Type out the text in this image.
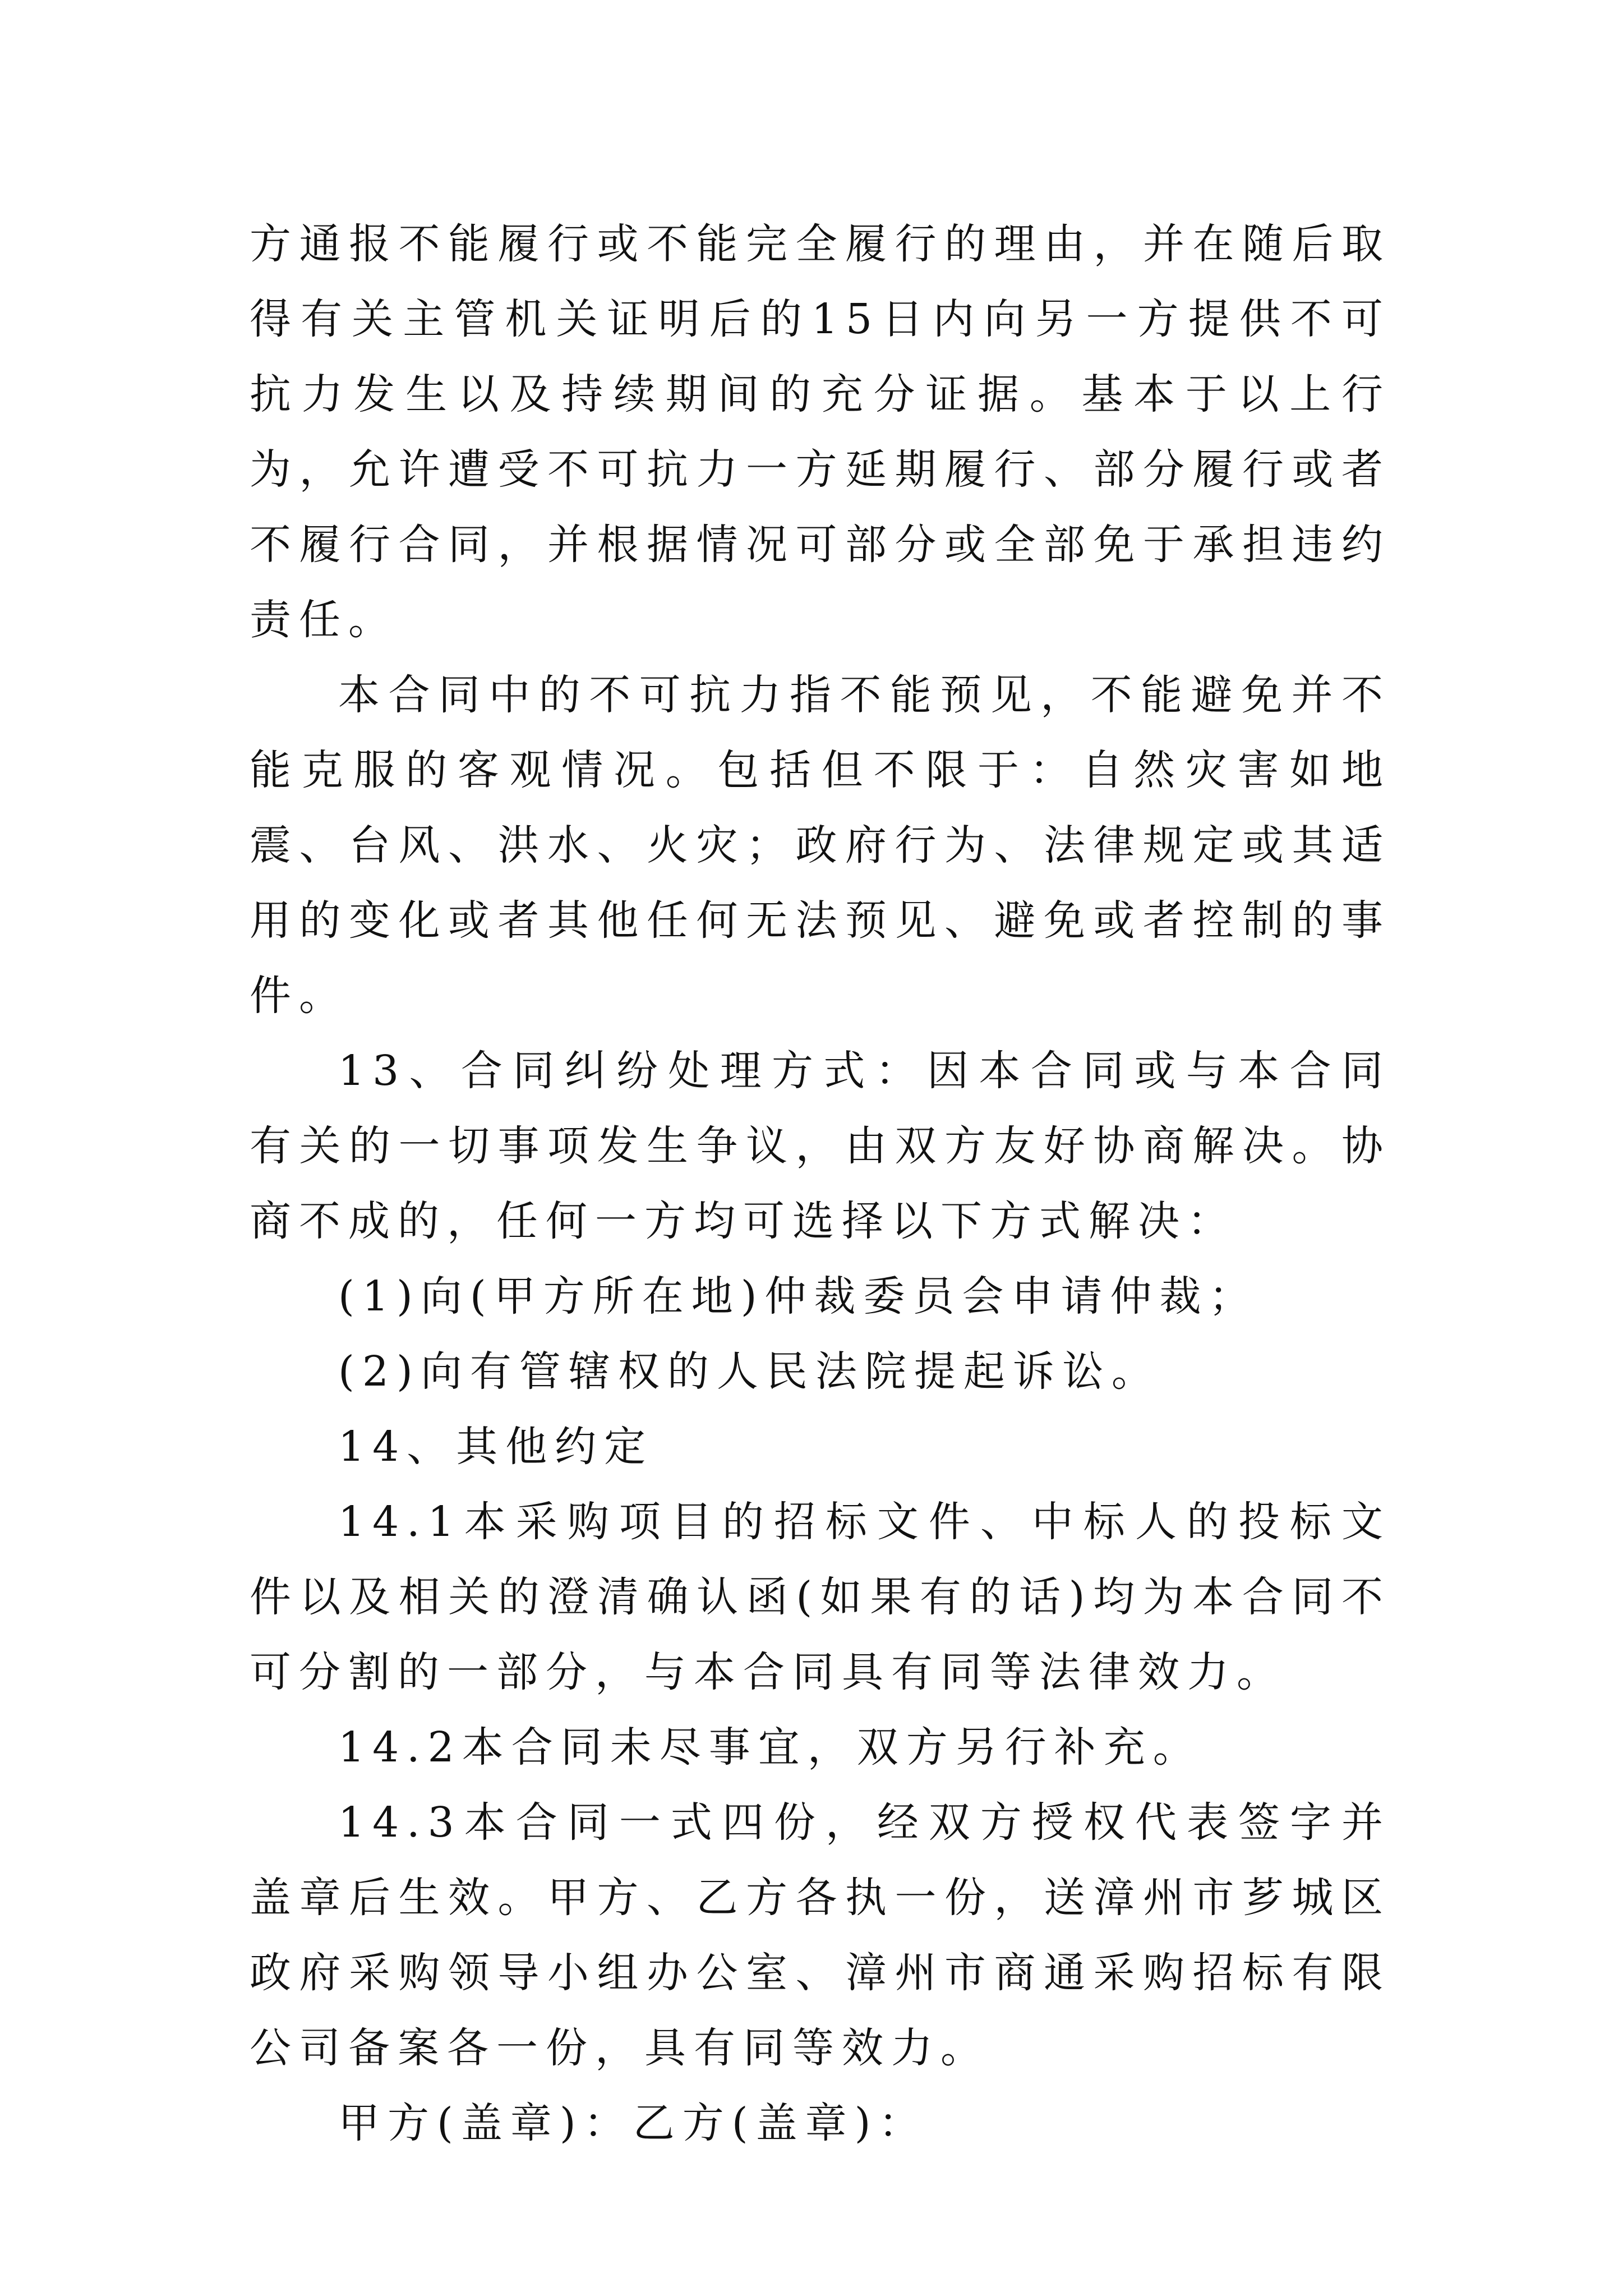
方通报不能履行或不能完全履行的理由，并在随后取得有关主管机关证明后的15日内向另一方提供不可抗力发生以及持续期间的充分证据。基本于以上行为，允许遭受不可抗力一方延期履行、部分履行或者不履行合同，并根据情况可部分或全部免于承担违约责任。

本合同中的不可抗力指不能预见，不能避免并不能克服的客观情况。包括但不限于：自然灾害如地震、台风、洪水、火灾；政府行为、法律规定或其适用的变化或者其他任何无法预见、避免或者控制的事件。

13、合同纠纷处理方式：因本合同或与本合同有关的一切事项发生争议，由双方友好协商解决。协商不成的，任何一方均可选择以下方式解决：

(1)向(甲方所在地)仲裁委员会申请仲裁；

(2)向有管辖权的人民法院提起诉讼。

14、其他约定

14.1本采购项目的招标文件、中标人的投标文件以及相关的澄清确认函(如果有的话)均为本合同不可分割的一部分，与本合同具有同等法律效力。

14.2本合同未尽事宜，双方另行补充。

14.3本合同一式四份，经双方授权代表签字并盖章后生效。甲方、乙方各执一份，送漳州市芗城区政府采购领导小组办公室、漳州市商通采购招标有限公司备案各一份，具有同等效力。

甲方(盖章)：乙方(盖章)：
